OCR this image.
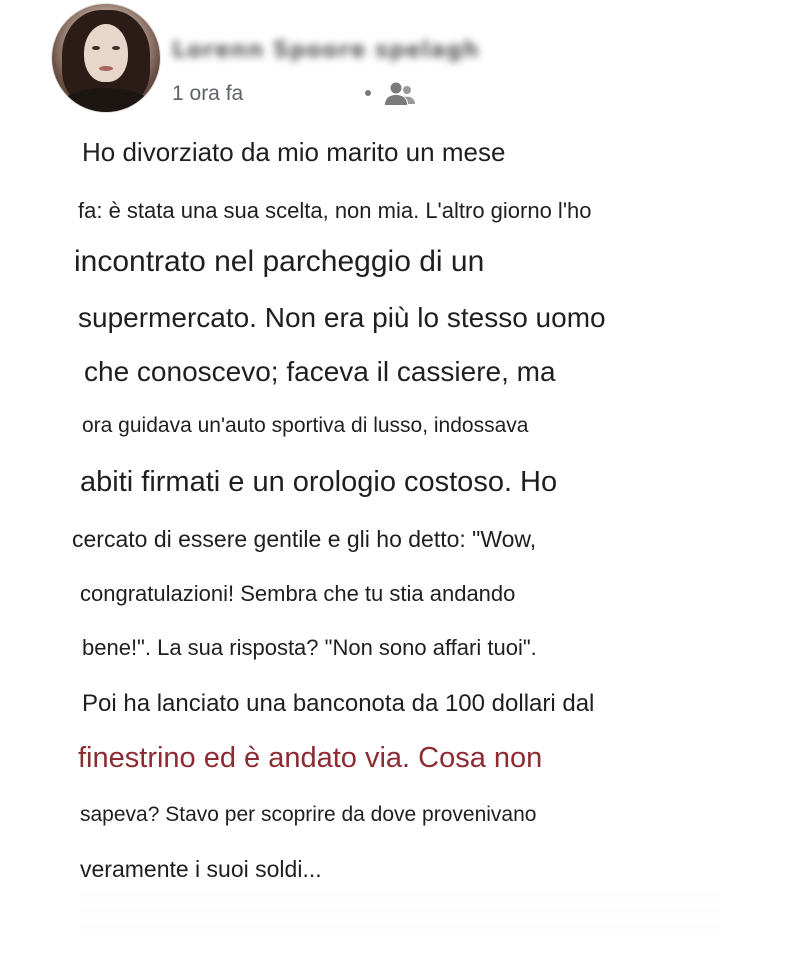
Lorenn Spoore spelagh
1 ora fa
Ho divorziato da mio marito un mese
fa: è stata una sua scelta, non mia. L'altro giorno l'ho
incontrato nel parcheggio di un
supermercato. Non era più lo stesso uomo
che conoscevo; faceva il cassiere, ma
ora guidava un'auto sportiva di lusso, indossava
abiti firmati e un orologio costoso. Ho
cercato di essere gentile e gli ho detto: "Wow,
congratulazioni! Sembra che tu stia andando
bene!". La sua risposta? "Non sono affari tuoi".
Poi ha lanciato una banconota da 100 dollari dal
finestrino ed è andato via. Cosa non
sapeva? Stavo per scoprire da dove provenivano
veramente i suoi soldi...
